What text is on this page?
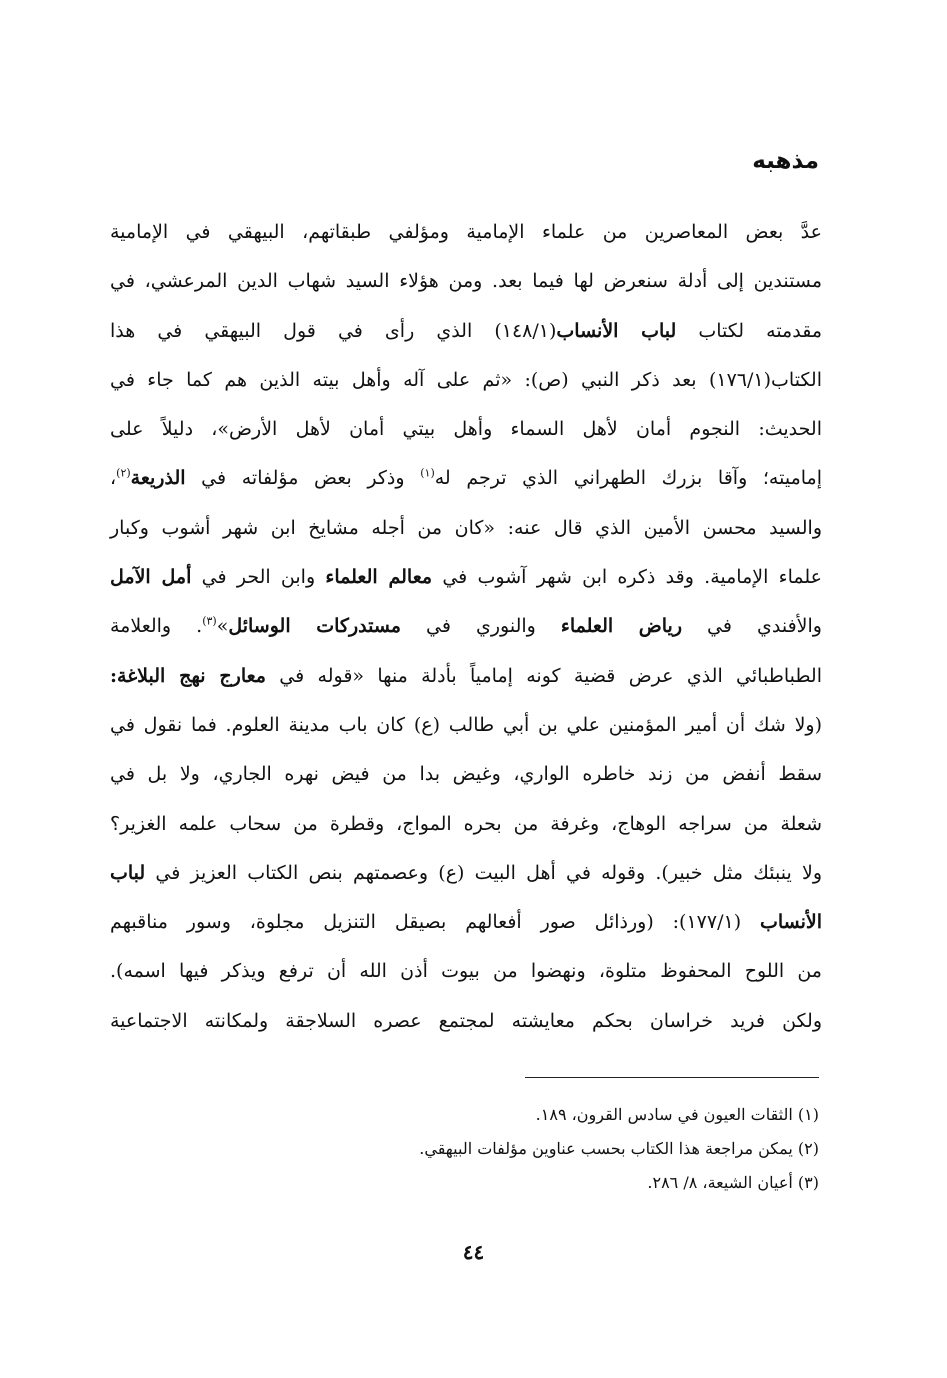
مذهبه
عدَّ بعض المعاصرين من علماء الإمامية ومؤلفي طبقاتهم، البيهقي في الإمامية
مستندين إلى أدلة سنعرض لها فيما بعد. ومن هؤلاء السيد شهاب الدين المرعشي، في
مقدمته لكتاب لباب الأنساب(١٤٨/١) الذي رأى في قول البيهقي في هذا
الكتاب(١٧٦/١) بعد ذكر النبي (ص): «ثم على آله وأهل بيته الذين هم كما جاء في
الحديث: النجوم أمان لأهل السماء وأهل بيتي أمان لأهل الأرض»، دليلاً على
إماميته؛ وآقا بزرك الطهراني الذي ترجم له$^{(١)}$ وذكر بعض مؤلفاته في الذريعة$^{(٢)}$،
والسيد محسن الأمين الذي قال عنه: «كان من أجله مشايخ ابن شهر أشوب وكبار
علماء الإمامية. وقد ذكره ابن شهر آشوب في معالم العلماء وابن الحر في أمل الآمل
والأفندي في رياض العلماء والنوري في مستدركات الوسائل»$^{(٣)}$. والعلامة
الطباطبائي الذي عرض قضية كونه إمامياً بأدلة منها «قوله في معارج نهج البلاغة:
(ولا شك أن أمير المؤمنين علي بن أبي طالب (ع) كان باب مدينة العلوم. فما نقول في
سقط أنفض من زند خاطره الواري، وغيض بدا من فيض نهره الجاري، ولا بل في
شعلة من سراجه الوهاج، وغرفة من بحره المواج، وقطرة من سحاب علمه الغزير؟
ولا ينبئك مثل خبير). وقوله في أهل البيت (ع) وعصمتهم بنص الكتاب العزيز في لباب
الأنساب (١٧٧/١): (ورذائل صور أفعالهم بصيقل التنزيل مجلوة، وسور مناقبهم
من اللوح المحفوظ متلوة، ونهضوا من بيوت أذن الله أن ترفع ويذكر فيها اسمه).
ولكن فريد خراسان بحكم معايشته لمجتمع عصره السلاجقة ولمكانته الاجتماعية
(١) الثقات العيون في سادس القرون، ١٨٩.
(٢) يمكن مراجعة هذا الكتاب بحسب عناوين مؤلفات البيهقي.
(٣) أعيان الشيعة، ٨/ ٢٨٦.
٤٤
